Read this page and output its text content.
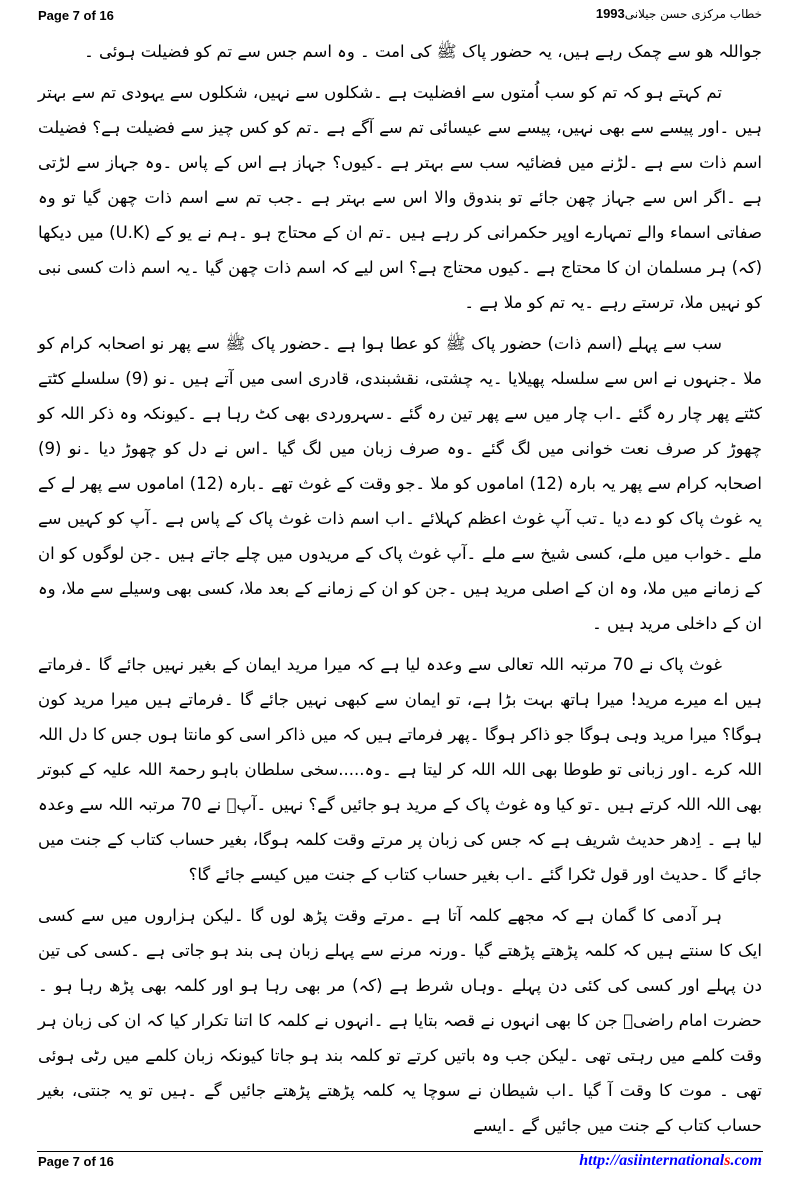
Page 7 of 16	خطاب مرکزی حسن جیلانی1993

جواللہ ھو سے چمک رہے ہیں، یہ حضور پاک ﷺ کی امت ۔ وہ اسم جس سے تم کو فضیلت ہوئی ۔

تم کہتے ہو کہ تم کو سب اُمتوں سے افضلیت ہے ۔شکلوں سے نہیں، شکلوں سے یہودی تم سے بہتر ہیں ۔اور پیسے سے بھی نہیں، پیسے سے عیسائی تم سے آگے ہے ۔تم کو کس چیز سے فضیلت ہے؟ فضیلت اسم ذات سے ہے ۔لڑنے میں فضائیہ سب سے بہتر ہے ۔کیوں؟ جہاز ہے اس کے پاس ۔وہ جہاز سے لڑتی ہے ۔اگر اس سے جہاز چھن جائے تو بندوق والا اس سے بہتر ہے ۔جب تم سے اسم ذات چھن گیا تو وہ صفاتی اسماء والے تمہارے اوپر حکمرانی کر رہے ہیں ۔تم ان کے محتاج ہو ۔ہم نے یو کے (U.K) میں دیکھا (کہ) ہر مسلمان ان کا محتاج ہے ۔کیوں محتاج ہے؟ اس لیے کہ اسم ذات چھن گیا ۔یہ اسم ذات کسی نبی کو نہیں ملا، ترستے رہے ۔یہ تم کو ملا ہے ۔

سب سے پہلے (اسم ذات) حضور پاک ﷺ کو عطا ہوا ہے ۔حضور پاک ﷺ سے پھر نو اصحابہ کرام کو ملا ۔جنہوں نے اس سے سلسلہ پھیلایا ۔یہ چشتی، نقشبندی، قادری اسی میں آتے ہیں ۔نو (9) سلسلے کٹتے کٹتے پھر چار رہ گئے ۔اب چار میں سے پھر تین رہ گئے ۔سہروردی بھی کٹ رہا ہے ۔کیونکہ وہ ذکر اللہ کو چھوڑ کر صرف نعت خوانی میں لگ گئے ۔وہ صرف زبان میں لگ گیا ۔اس نے دل کو چھوڑ دیا ۔نو (9) اصحابہ کرام سے پھر یہ بارہ (12) اماموں کو ملا ۔جو وقت کے غوث تھے ۔بارہ (12) اماموں سے پھر لے کے یہ غوث پاک کو دے دیا ۔تب آپ غوث اعظم کہلائے ۔اب اسم ذات غوث پاک کے پاس ہے ۔آپ کو کہیں سے ملے ۔خواب میں ملے، کسی شیخ سے ملے ۔آپ غوث پاک کے مریدوں میں چلے جاتے ہیں ۔جن لوگوں کو ان کے زمانے میں ملا، وہ ان کے اصلی مرید ہیں ۔جن کو ان کے زمانے کے بعد ملا، کسی بھی وسیلے سے ملا، وہ ان کے داخلی مرید ہیں ۔

غوث پاک نے 70 مرتبہ اللہ تعالی سے وعدہ لیا ہے کہ میرا مرید ایمان کے بغیر نہیں جائے گا ۔فرماتے ہیں اے میرے مرید! میرا ہاتھ بہت بڑا ہے، تو ایمان سے کبھی نہیں جائے گا ۔فرماتے ہیں میرا مرید کون ہوگا؟ میرا مرید وہی ہوگا جو ذاکر ہوگا ۔پھر فرماتے ہیں کہ میں ذاکر اسی کو مانتا ہوں جس کا دل اللہ اللہ کرے ۔اور زبانی تو طوطا بھی اللہ اللہ کر لیتا ہے ۔وہ.....سخی سلطان باہو رحمۃ اللہ علیہ کے کبوتر بھی اللہ اللہ کرتے ہیں ۔تو کیا وہ غوث پاک کے مرید ہو جائیں گے؟ نہیں ۔آپؒ نے 70 مرتبہ اللہ سے وعدہ لیا ہے ۔ اِدھر حدیث شریف ہے کہ جس کی زبان پر مرتے وقت کلمہ ہوگا، بغیر حساب کتاب کے جنت میں جائے گا ۔حدیث اور قول ٹکرا گئے ۔اب بغیر حساب کتاب کے جنت میں کیسے جائے گا؟

ہر آدمی کا گمان ہے کہ مجھے کلمہ آتا ہے ۔مرتے وقت پڑھ لوں گا ۔لیکن ہزاروں میں سے کسی ایک کا سنتے ہیں کہ کلمہ پڑھتے پڑھتے گیا ۔ورنہ مرنے سے پہلے زبان ہی بند ہو جاتی ہے ۔کسی کی تین دن پہلے اور کسی کی کئی دن پہلے ۔وہاں شرط ہے (کہ) مر بھی رہا ہو اور کلمہ بھی پڑھ رہا ہو ۔حضرت امام راضیؒ جن کا بھی انہوں نے قصہ بتایا ہے ۔انہوں نے کلمہ کا اتنا تکرار کیا کہ ان کی زبان ہر وقت کلمے میں رہتی تھی ۔لیکن جب وہ باتیں کرتے تو کلمہ بند ہو جاتا کیونکہ زبان کلمے میں رٹی ہوئی تھی ۔ موت کا وقت آ گیا ۔اب شیطان نے سوچا یہ کلمہ پڑھتے پڑھتے جائیں گے ۔ہیں تو یہ جنتی، بغیر حساب کتاب کے جنت میں جائیں گے ۔ایسے

Page 7 of 16	http://asiinternationals.com
